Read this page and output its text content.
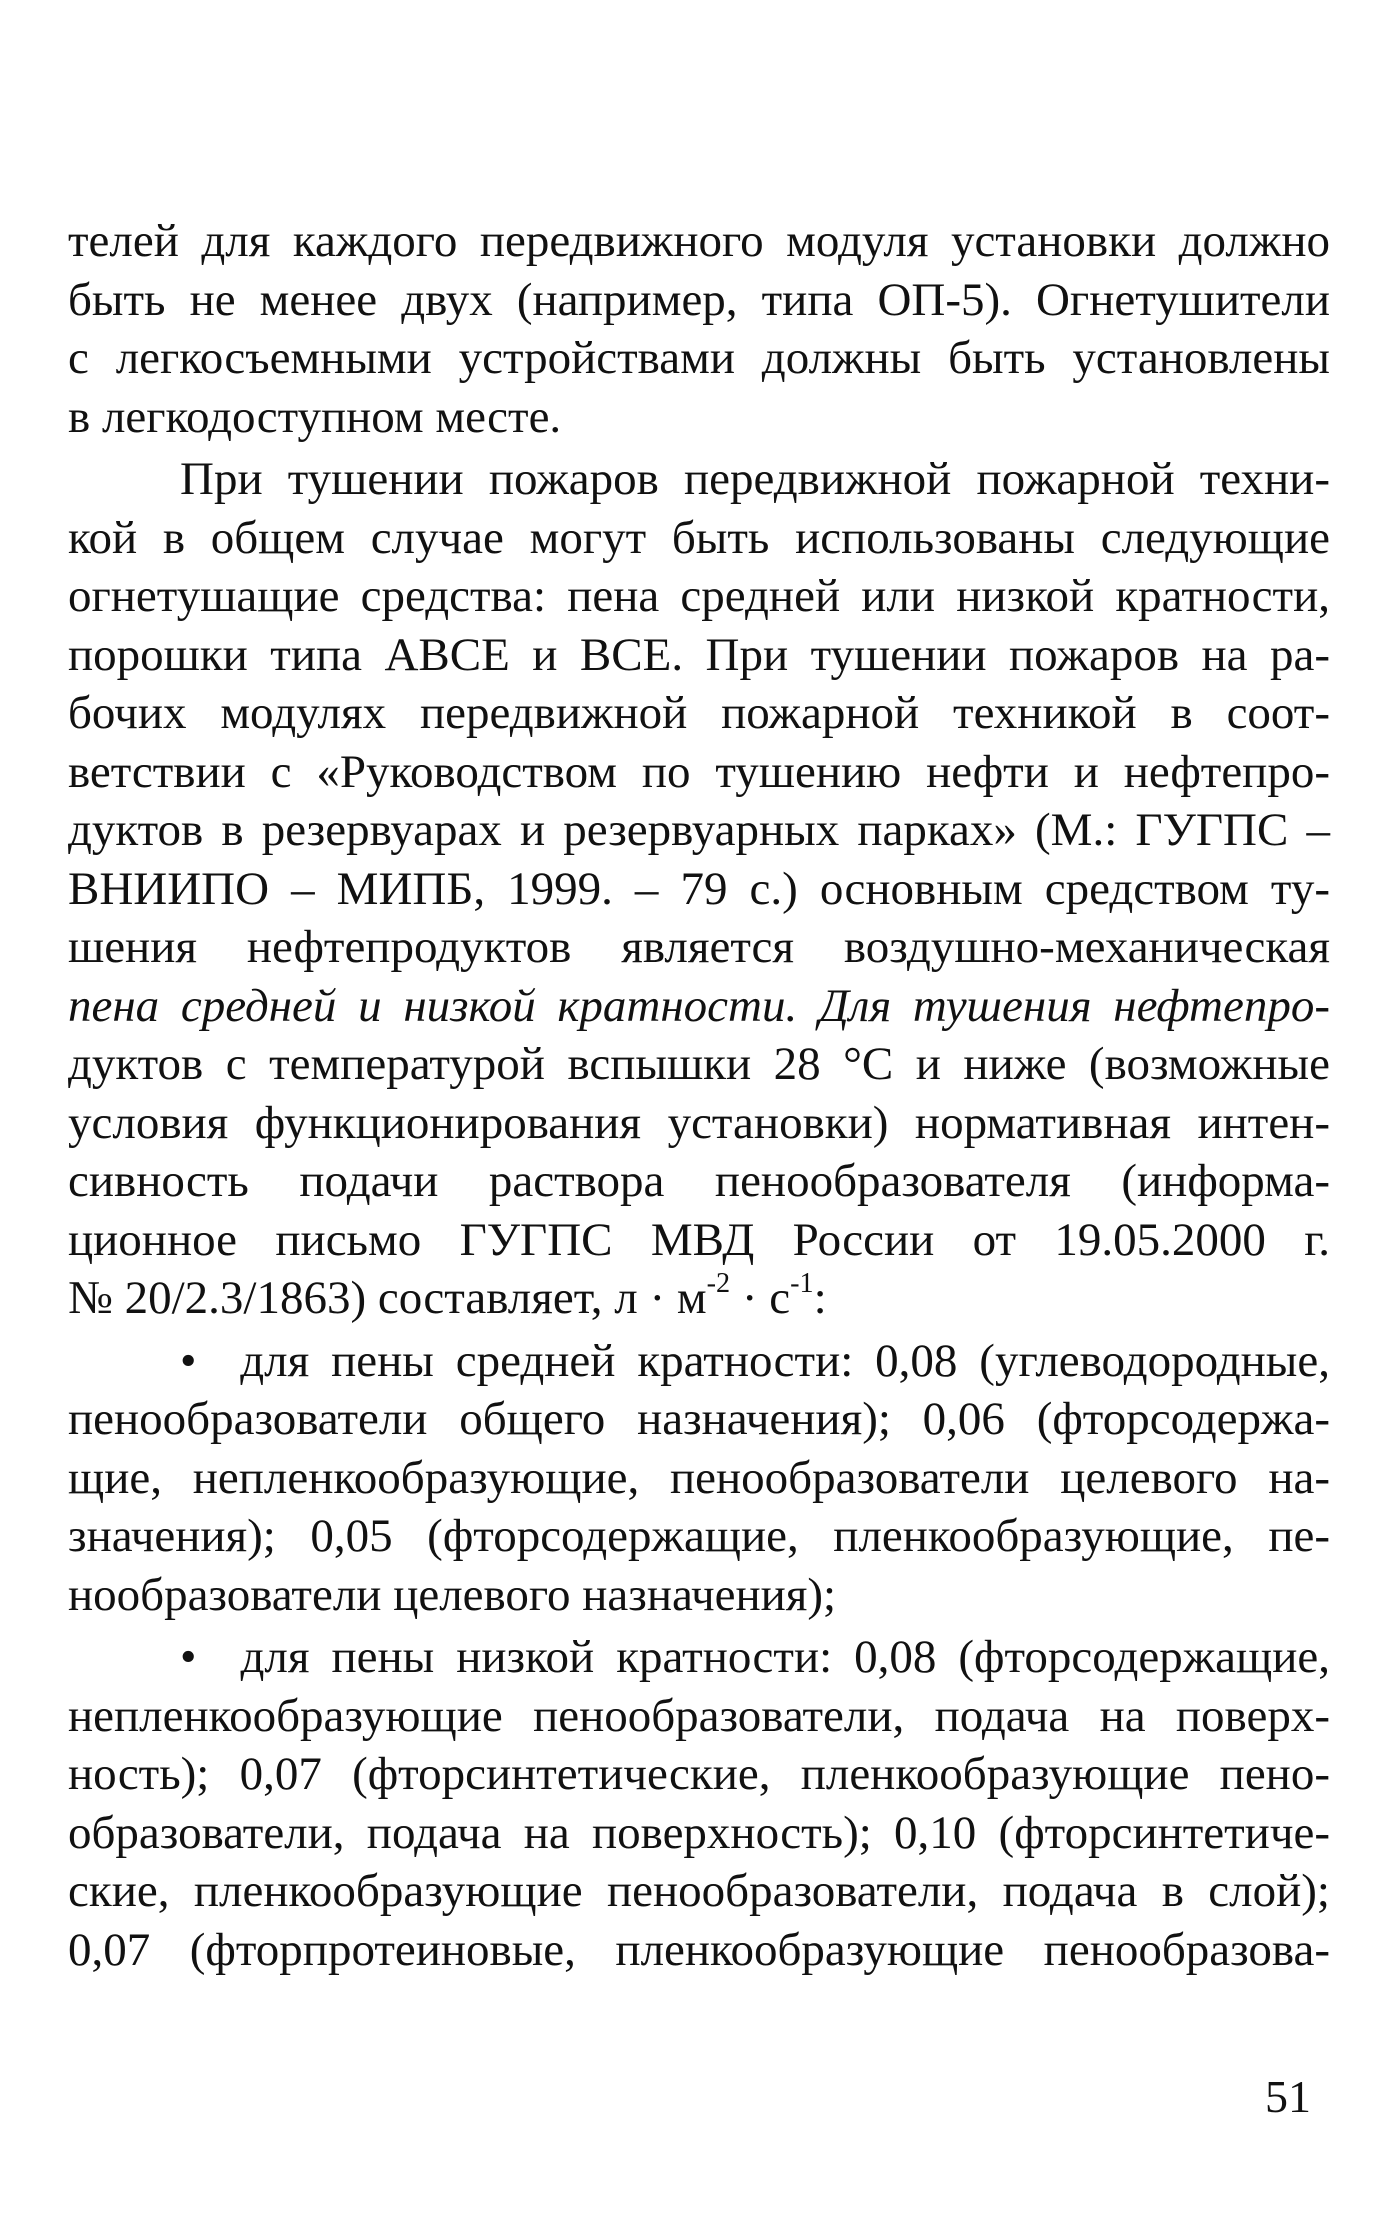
телей для каждого передвижного модуля установки должно
быть не менее двух (например, типа ОП-5). Огнетушители
с легкосъемными устройствами должны быть установлены
в легкодоступном месте.
При тушении пожаров передвижной пожарной техни-
кой в общем случае могут быть использованы следующие
огнетушащие средства: пена средней или низкой кратности,
порошки типа АВСЕ и ВСЕ. При тушении пожаров на ра-
бочих модулях передвижной пожарной техникой в соот-
ветствии с «Руководством по тушению нефти и нефтепро-
дуктов в резервуарах и резервуарных парках» (М.: ГУГПС –
ВНИИПО – МИПБ, 1999. – 79 с.) основным средством ту-
шения нефтепродуктов является воздушно-механическая
пена средней и низкой кратности. Для тушения нефтепро-
дуктов с температурой вспышки 28 °С и ниже (возможные
условия функционирования установки) нормативная интен-
сивность подачи раствора пенообразователя (информа-
ционное письмо ГУГПС МВД России от 19.05.2000 г.
№ 20/2.3/1863) составляет, $л \cdot м^{-2} \cdot с^{-1}$:
• для пены средней кратности: 0,08 (углеводородные,
пенообразователи общего назначения); 0,06 (фторсодержа-
щие, непленкообразующие, пенообразователи целевого на-
значения); 0,05 (фторсодержащие, пленкообразующие, пе-
нообразователи целевого назначения);
• для пены низкой кратности: 0,08 (фторсодержащие,
непленкообразующие пенообразователи, подача на поверх-
ность); 0,07 (фторсинтетические, пленкообразующие пено-
образователи, подача на поверхность); 0,10 (фторсинтетиче-
ские, пленкообразующие пенообразователи, подача в слой);
0,07 (фторпротеиновые, пленкообразующие пенообразова-
51
